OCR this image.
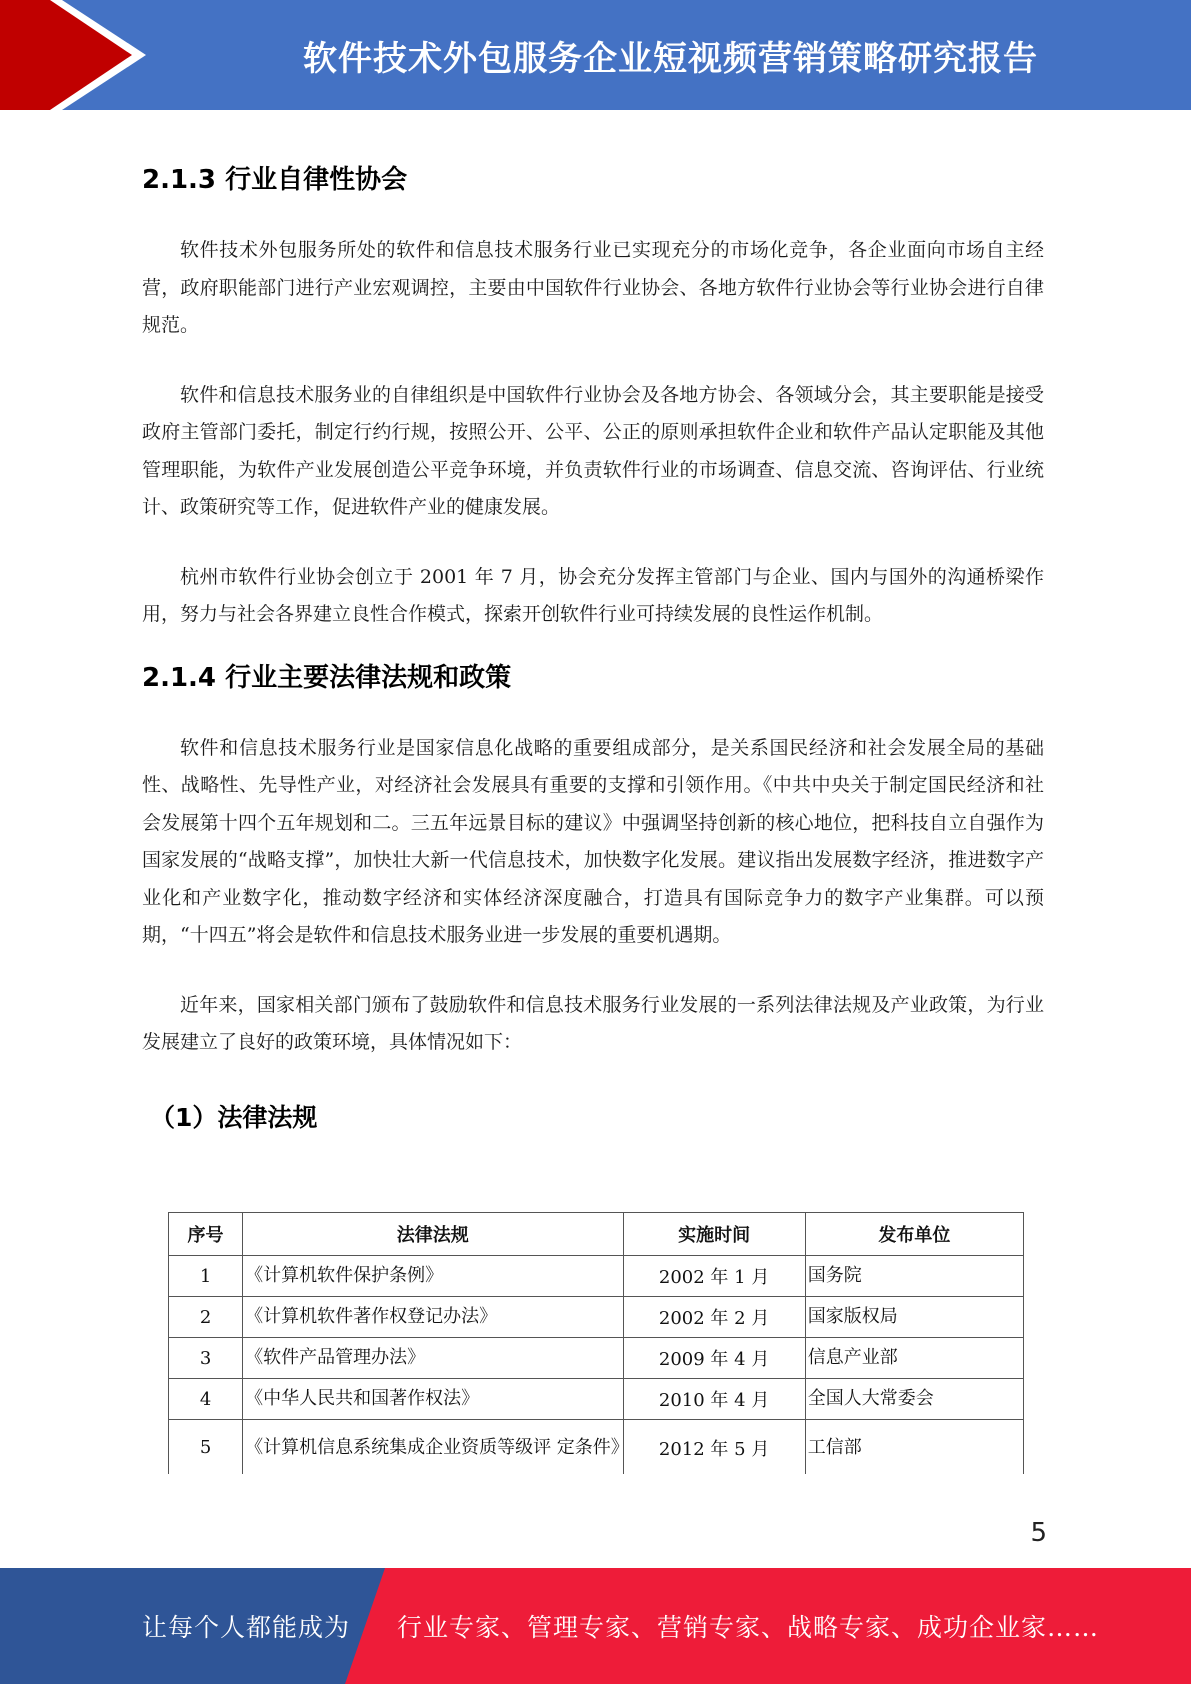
软件技术外包服务企业短视频营销策略研究报告
2.1.3 行业自律性协会

软件技术外包服务所处的软件和信息技术服务行业已实现充分的市场化竞争，各企业面向市场自主经营，政府职能部门进行产业宏观调控，主要由中国软件行业协会、各地方软件行业协会等行业协会进行自律规范。

软件和信息技术服务业的自律组织是中国软件行业协会及各地方协会、各领域分会，其主要职能是接受政府主管部门委托，制定行约行规，按照公开、公平、公正的原则承担软件企业和软件产品认定职能及其他管理职能，为软件产业发展创造公平竞争环境，并负责软件行业的市场调查、信息交流、咨询评估、行业统计、政策研究等工作，促进软件产业的健康发展。

杭州市软件行业协会创立于 2001 年 7 月，协会充分发挥主管部门与企业、国内与国外的沟通桥梁作用，努力与社会各界建立良性合作模式，探索开创软件行业可持续发展的良性运作机制。

2.1.4 行业主要法律法规和政策

软件和信息技术服务行业是国家信息化战略的重要组成部分，是关系国民经济和社会发展全局的基础性、战略性、先导性产业，对经济社会发展具有重要的支撑和引领作用。《中共中央关于制定国民经济和社会发展第十四个五年规划和二。三五年远景目标的建议》中强调坚持创新的核心地位，把科技自立自强作为国家发展的“战略支撑”，加快壮大新一代信息技术，加快数字化发展。建议指出发展数字经济，推进数字产业化和产业数字化，推动数字经济和实体经济深度融合，打造具有国际竞争力的数字产业集群。可以预期，“十四五”将会是软件和信息技术服务业进一步发展的重要机遇期。

近年来，国家相关部门颁布了鼓励软件和信息技术服务行业发展的一系列法律法规及产业政策，为行业发展建立了良好的政策环境，具体情况如下：

（1）法律法规
序号	法律法规	实施时间	发布单位
1	《计算机软件保护条例》	2002 年 1 月	国务院
2	《计算机软件著作权登记办法》	2002 年 2 月	国家版权局
3	《软件产品管理办法》	2009 年 4 月	信息产业部
4	《中华人民共和国著作权法》	2010 年 4 月	全国人大常委会
5	《计算机信息系统集成企业资质等级评 定条件》	2012 年 5 月	工信部
5
让每个人都能成为 行业专家、管理专家、营销专家、战略专家、成功企业家……
